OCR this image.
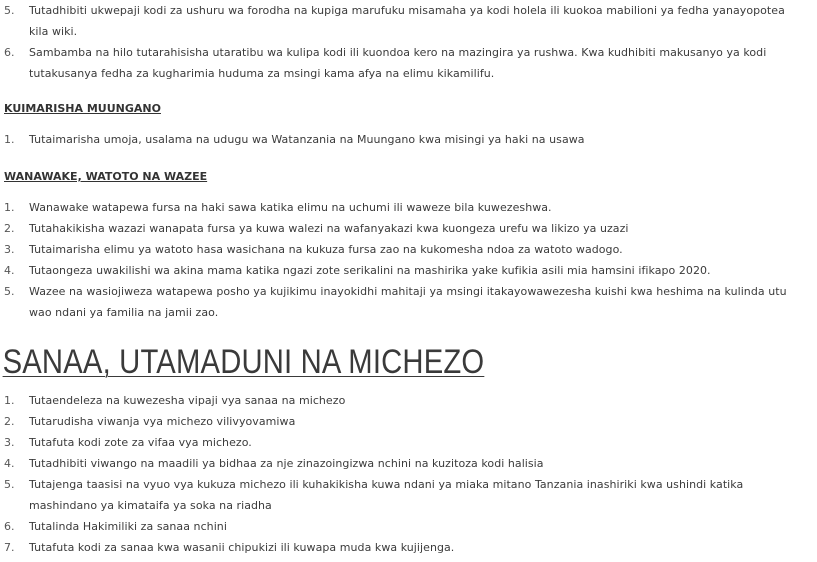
5. Tutadhibiti ukwepaji kodi za ushuru wa forodha na kupiga marufuku misamaha ya kodi holela ili kuokoa mabilioni ya fedha yanayopotea kila wiki.
6. Sambamba na hilo tutarahisisha utaratibu wa kulipa kodi ili kuondoa kero na mazingira ya rushwa. Kwa kudhibiti makusanyo ya kodi tutakusanya fedha za kugharimia huduma za msingi kama afya na elimu kikamilifu.
KUIMARISHA MUUNGANO
1. Tutaimarisha umoja, usalama na udugu wa Watanzania na Muungano kwa misingi ya haki na usawa
WANAWAKE, WATOTO NA WAZEE
1. Wanawake watapewa fursa na haki sawa katika elimu na uchumi ili waweze bila kuwezeshwa.
2. Tutahakikisha wazazi wanapata fursa ya kuwa walezi na wafanyakazi kwa kuongeza urefu wa likizo ya uzazi
3. Tutaimarisha elimu ya watoto hasa wasichana na kukuza fursa zao na kukomesha ndoa za watoto wadogo.
4. Tutaongeza uwakilishi wa akina mama katika ngazi zote serikalini na mashirika yake kufikia asili mia hamsini ifikapo 2020.
5. Wazee na wasiojiweza watapewa posho ya kujikimu inayokidhi mahitaji ya msingi itakayowawezesha kuishi kwa heshima na kulinda utu wao ndani ya familia na jamii zao.
SANAA, UTAMADUNI NA MICHEZO
1. Tutaendeleza na kuwezesha vipaji vya sanaa na michezo
2. Tutarudisha viwanja vya michezo vilivyovamiwa
3. Tutafuta kodi zote za vifaa vya michezo.
4. Tutadhibiti viwango na maadili ya bidhaa za nje zinazoingizwa nchini na kuzitoza kodi halisia
5. Tutajenga taasisi na vyuo vya kukuza michezo ili kuhakikisha kuwa ndani ya miaka mitano Tanzania inashiriki kwa ushindi katika mashindano ya kimataifa ya soka na riadha
6. Tutalinda Hakimiliki za sanaa nchini
7. Tutafuta kodi za sanaa kwa wasanii chipukizi ili kuwapa muda kwa kujijenga.
